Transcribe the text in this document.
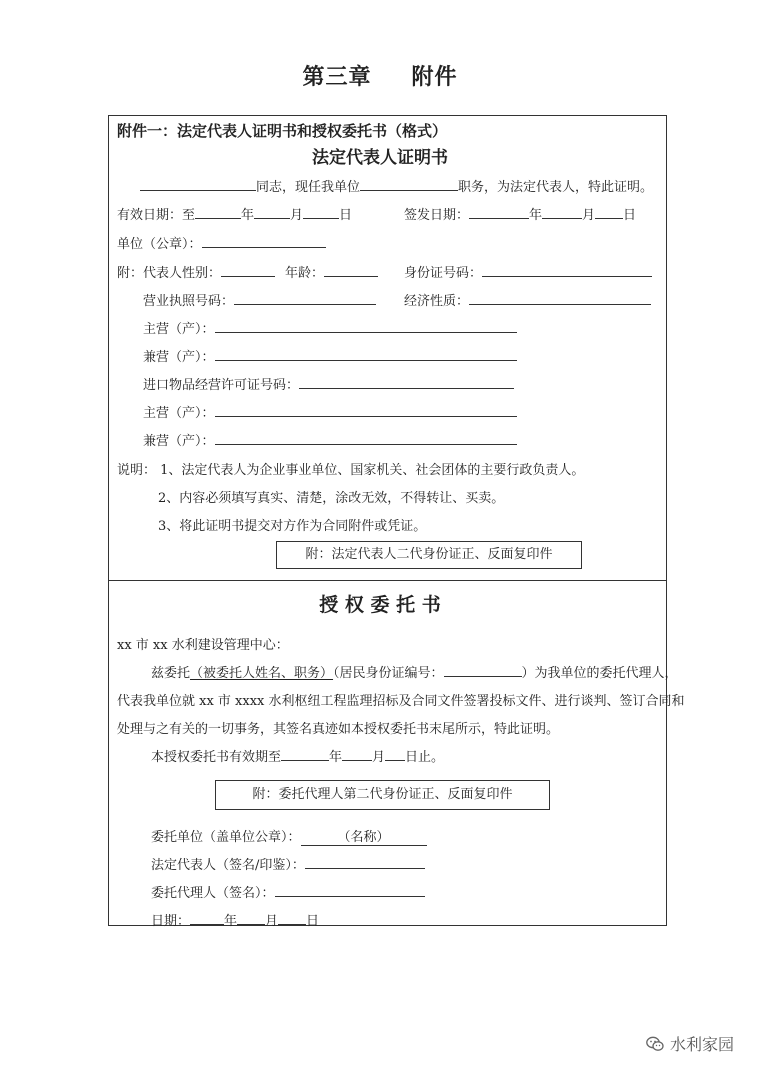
第三章 附件
附件一：法定代表人证明书和授权委托书（格式）
法定代表人证明书
同志，现任我单位	职务，为法定代表人，特此证明。
有效日期：至	年	月	日	签发日期：	年	月 日
单位（公章）：
附：代表人性别：	年龄：	身份证号码：
营业执照号码：	经济性质：
主营（产）：
兼营（产）：
进口物品经营许可证号码：
主营（产）：
兼营（产）：
说明： 1、法定代表人为企业事业单位、国家机关、社会团体的主要行政负责人。
2、内容必须填写真实、清楚，涂改无效，不得转让、买卖。
3、将此证明书提交对方作为合同附件或凭证。
附：法定代表人二代身份证正、反面复印件
授 权 委 托 书
xx 市 xx 水利建设管理中心：
兹委托（被委托人姓名、职务）（居民身份证编号：	）为我单位的委托代理人，
代表我单位就 xx 市 xxxx 水利枢纽工程监理招标及合同文件签署投标文件、进行谈判、签订合同和
处理与之有关的一切事务，其签名真迹如本授权委托书末尾所示，特此证明。
本授权委托书有效期至	年 月 日止。
附：委托代理人第二代身份证正、反面复印件
委托单位（盖单位公章）：	（名称）
法定代表人（签名/印鉴）：
委托代理人（签名）：
日期：	年 月 日
水利家园
